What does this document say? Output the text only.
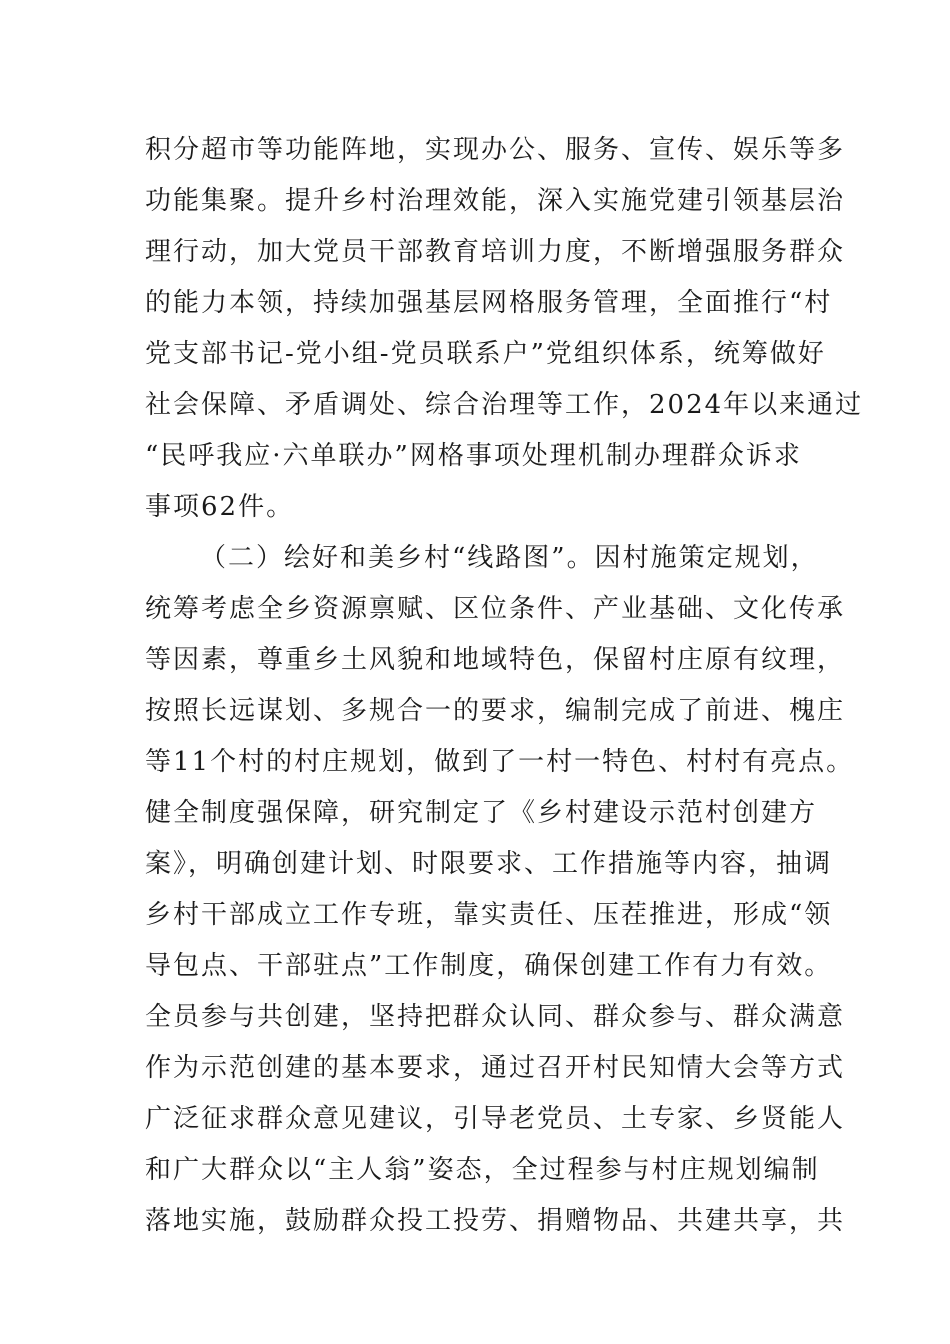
积分超市等功能阵地，实现办公、服务、宣传、娱乐等多
功能集聚。提升乡村治理效能，深入实施党建引领基层治
理行动，加大党员干部教育培训力度，不断增强服务群众
的能力本领，持续加强基层网格服务管理，全面推行“村
党支部书记-党小组-党员联系户”党组织体系，统筹做好
社会保障、矛盾调处、综合治理等工作，2024年以来通过
“民呼我应·六单联办”网格事项处理机制办理群众诉求
事项62件。
（二）绘好和美乡村“线路图”。因村施策定规划，
统筹考虑全乡资源禀赋、区位条件、产业基础、文化传承
等因素，尊重乡土风貌和地域特色，保留村庄原有纹理，
按照长远谋划、多规合一的要求，编制完成了前进、槐庄
等11个村的村庄规划，做到了一村一特色、村村有亮点。
健全制度强保障，研究制定了《乡村建设示范村创建方
案》，明确创建计划、时限要求、工作措施等内容，抽调
乡村干部成立工作专班，靠实责任、压茬推进，形成“领
导包点、干部驻点”工作制度，确保创建工作有力有效。
全员参与共创建，坚持把群众认同、群众参与、群众满意
作为示范创建的基本要求，通过召开村民知情大会等方式
广泛征求群众意见建议，引导老党员、土专家、乡贤能人
和广大群众以“主人翁”姿态，全过程参与村庄规划编制
落地实施，鼓励群众投工投劳、捐赠物品、共建共享，共
